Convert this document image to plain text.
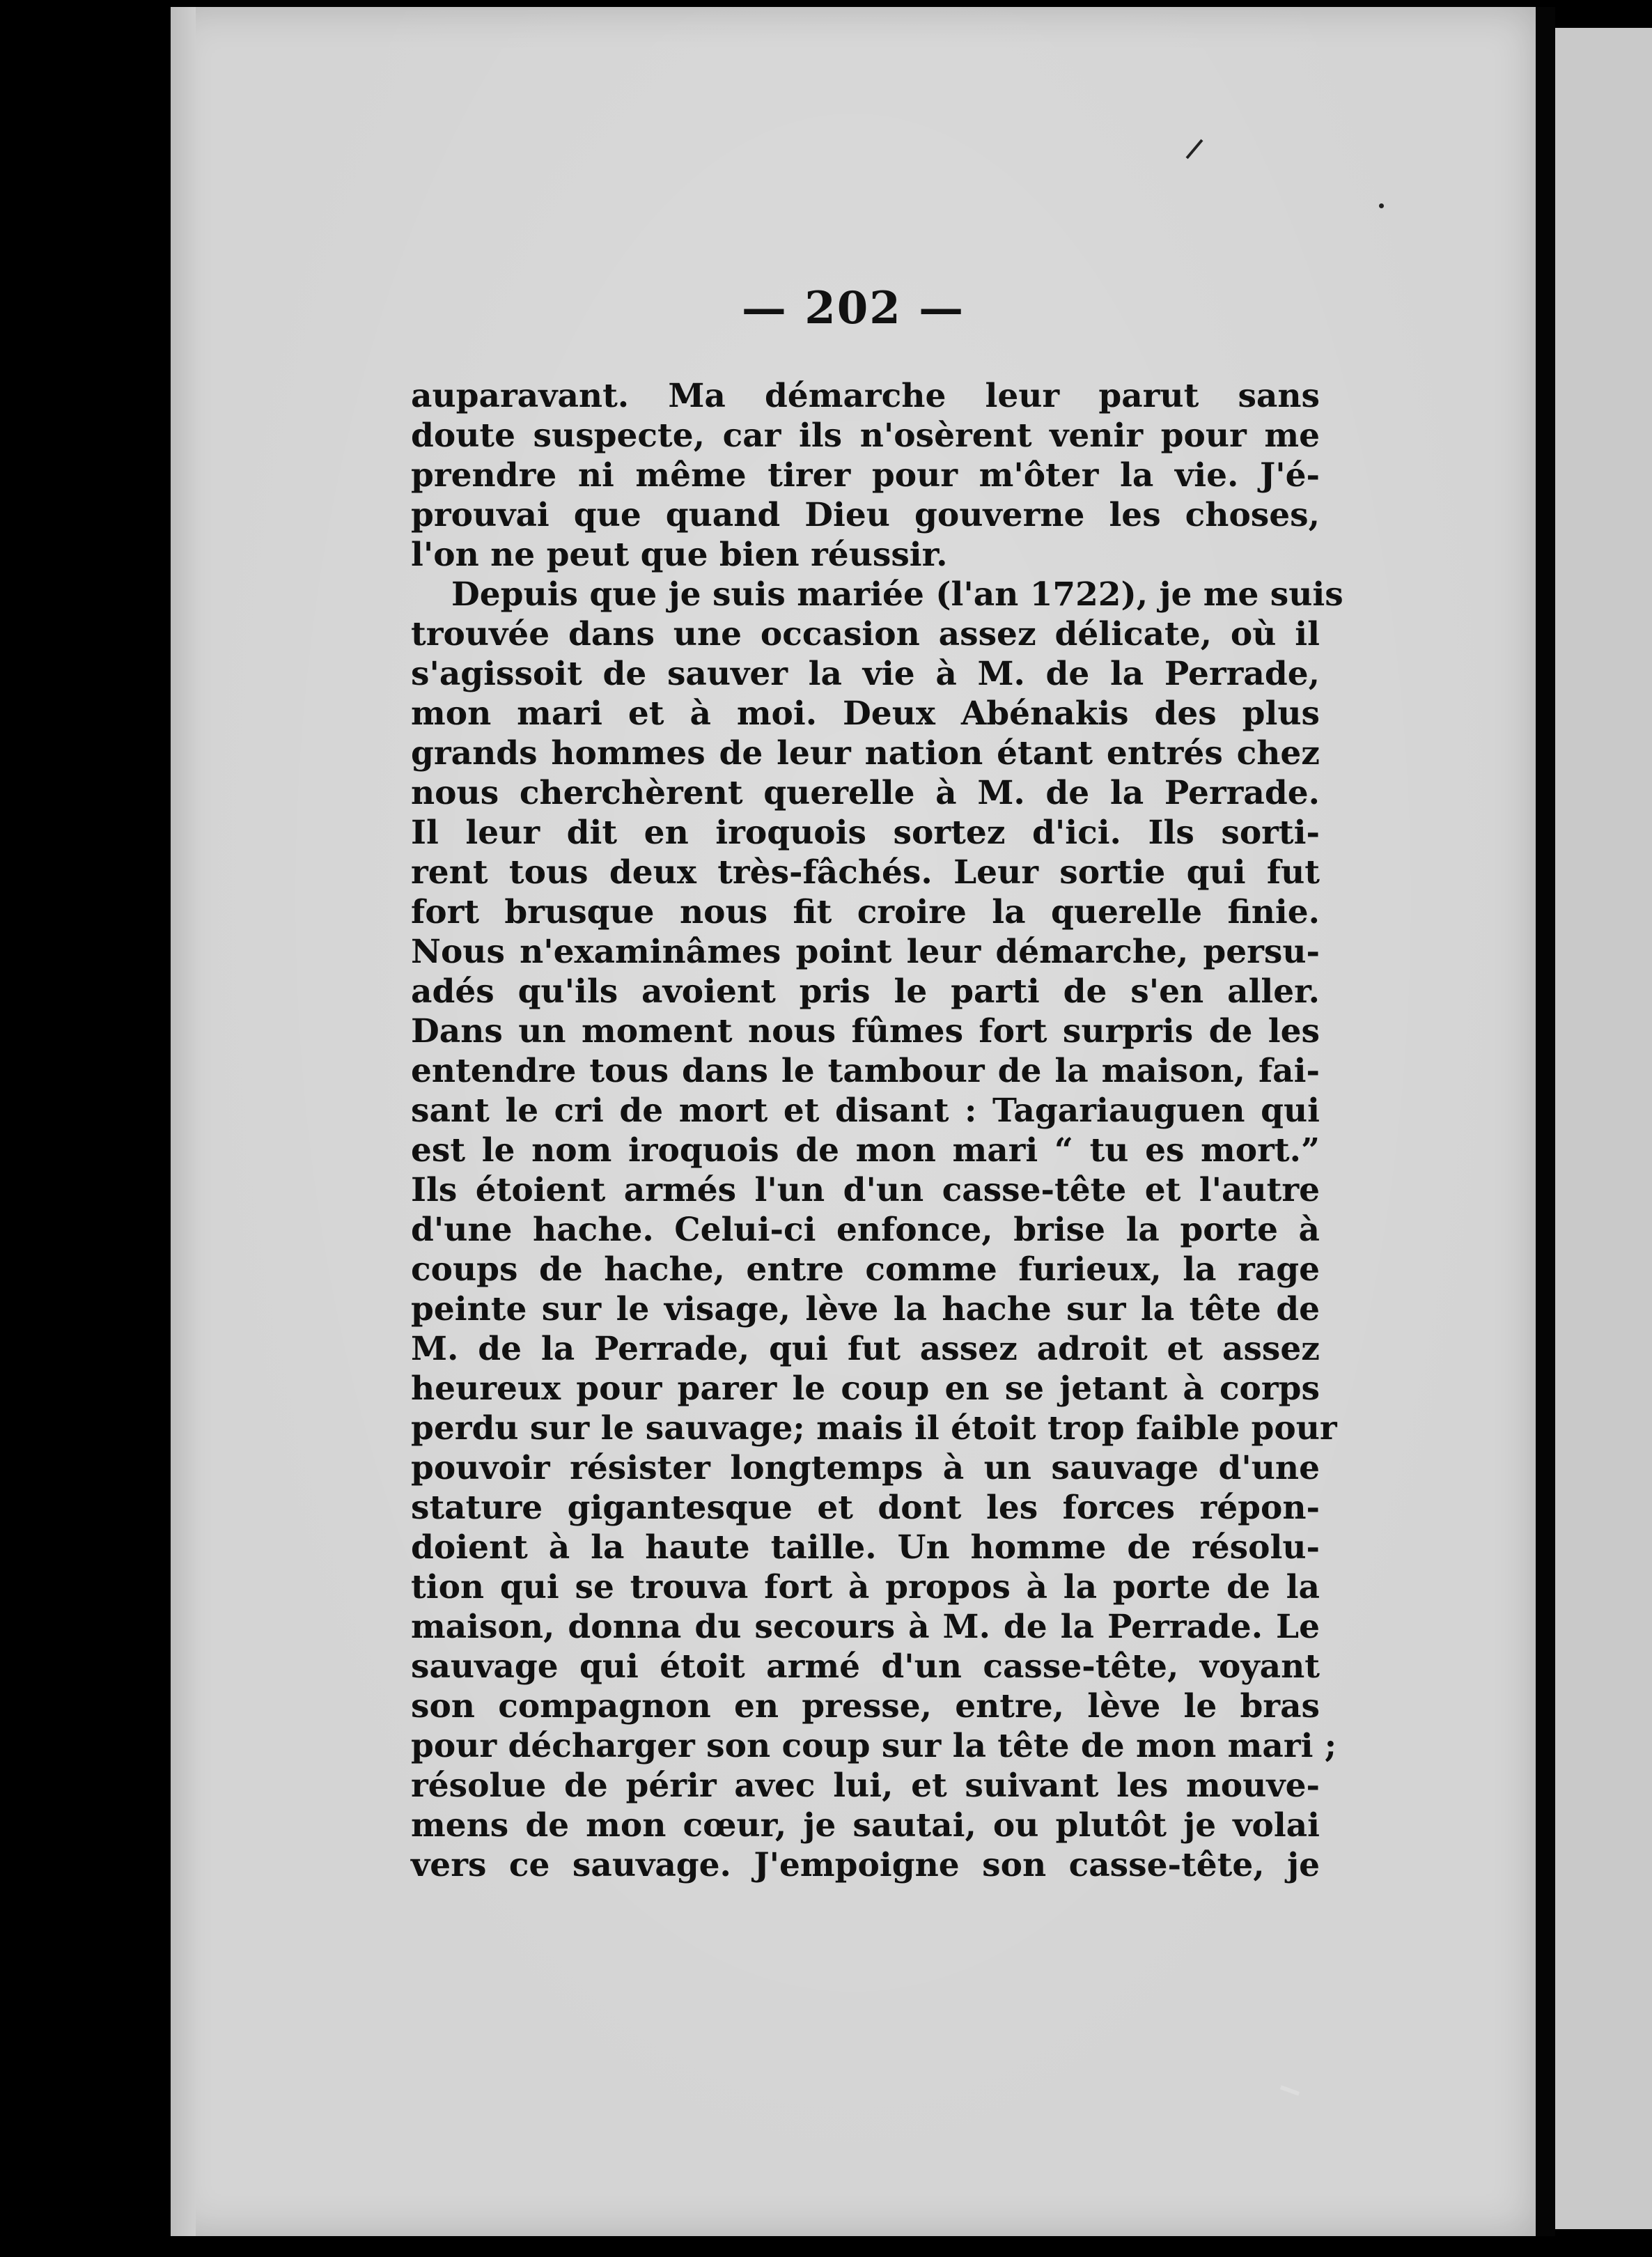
— 202 —
auparavant. Ma démarche leur parut sans
doute suspecte, car ils n'osèrent venir pour me
prendre ni même tirer pour m'ôter la vie. J'é-
prouvai que quand Dieu gouverne les choses,
l'on ne peut que bien réussir.
Depuis que je suis mariée (l'an 1722), je me suis
trouvée dans une occasion assez délicate, où il
s'agissoit de sauver la vie à M. de la Perrade,
mon mari et à moi. Deux Abénakis des plus
grands hommes de leur nation étant entrés chez
nous cherchèrent querelle à M. de la Perrade.
Il leur dit en iroquois sortez d'ici. Ils sorti-
rent tous deux très-fâchés. Leur sortie qui fut
fort brusque nous fit croire la querelle finie.
Nous n'examinâmes point leur démarche, persu-
adés qu'ils avoient pris le parti de s'en aller.
Dans un moment nous fûmes fort surpris de les
entendre tous dans le tambour de la maison, fai-
sant le cri de mort et disant : Tagariauguen qui
est le nom iroquois de mon mari “ tu es mort.”
Ils étoient armés l'un d'un casse-tête et l'autre
d'une hache. Celui-ci enfonce, brise la porte à
coups de hache, entre comme furieux, la rage
peinte sur le visage, lève la hache sur la tête de
M. de la Perrade, qui fut assez adroit et assez
heureux pour parer le coup en se jetant à corps
perdu sur le sauvage; mais il étoit trop faible pour
pouvoir résister longtemps à un sauvage d'une
stature gigantesque et dont les forces répon-
doient à la haute taille. Un homme de résolu-
tion qui se trouva fort à propos à la porte de la
maison, donna du secours à M. de la Perrade. Le
sauvage qui étoit armé d'un casse-tête, voyant
son compagnon en presse, entre, lève le bras
pour décharger son coup sur la tête de mon mari ;
résolue de périr avec lui, et suivant les mouve-
mens de mon cœur, je sautai, ou plutôt je volai
vers ce sauvage. J'empoigne son casse-tête, je
